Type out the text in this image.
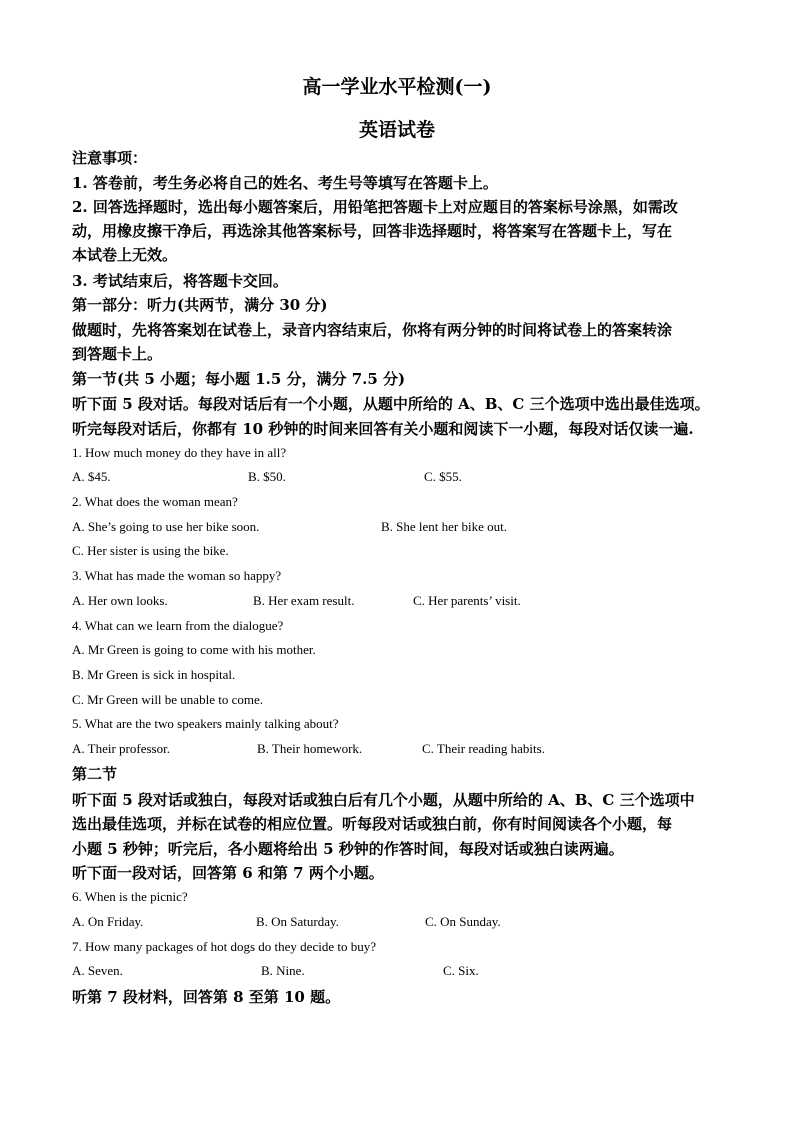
高一学业水平检测(一)
英语试卷
注意事项：
1. 答卷前，考生务必将自己的姓名、考生号等填写在答题卡上。
2. 回答选择题时，选出每小题答案后，用铅笔把答题卡上对应题目的答案标号涂黑，如需改
动，用橡皮擦干净后，再选涂其他答案标号，回答非选择题时，将答案写在答题卡上，写在
本试卷上无效。
3. 考试结束后，将答题卡交回。
第一部分：听力(共两节，满分 30 分)
做题时，先将答案划在试卷上，录音内容结束后，你将有两分钟的时间将试卷上的答案转涂
到答题卡上。
第一节(共 5 小题；每小题 1.5 分，满分 7.5 分)
听下面 5 段对话。每段对话后有一个小题，从题中所给的 A、B、C 三个选项中选出最佳选项。
听完每段对话后，你都有 10 秒钟的时间来回答有关小题和阅读下一小题，每段对话仅读一遍.
1. How much money do they have in all?
A. $45.	B. $50.	C. $55.
2. What does the woman mean?
A. She’s going to use her bike soon.	B. She lent her bike out.
C. Her sister is using the bike.
3. What has made the woman so happy?
A. Her own looks.	B. Her exam result.	C. Her parents’ visit.
4. What can we learn from the dialogue?
A. Mr Green is going to come with his mother.
B. Mr Green is sick in hospital.
C. Mr Green will be unable to come.
5. What are the two speakers mainly talking about?
A. Their professor.	B. Their homework.	C. Their reading habits.
第二节
听下面 5 段对话或独白，每段对话或独白后有几个小题，从题中所给的 A、B、C 三个选项中
选出最佳选项，并标在试卷的相应位置。听每段对话或独白前，你有时间阅读各个小题，每
小题 5 秒钟；听完后，各小题将给出 5 秒钟的作答时间，每段对话或独白读两遍。
听下面一段对话，回答第 6 和第 7 两个小题。
6. When is the picnic?
A. On Friday.	B. On Saturday.	C. On Sunday.
7. How many packages of hot dogs do they decide to buy?
A. Seven.	B. Nine.	C. Six.
听第 7 段材料，回答第 8 至第 10 题。
